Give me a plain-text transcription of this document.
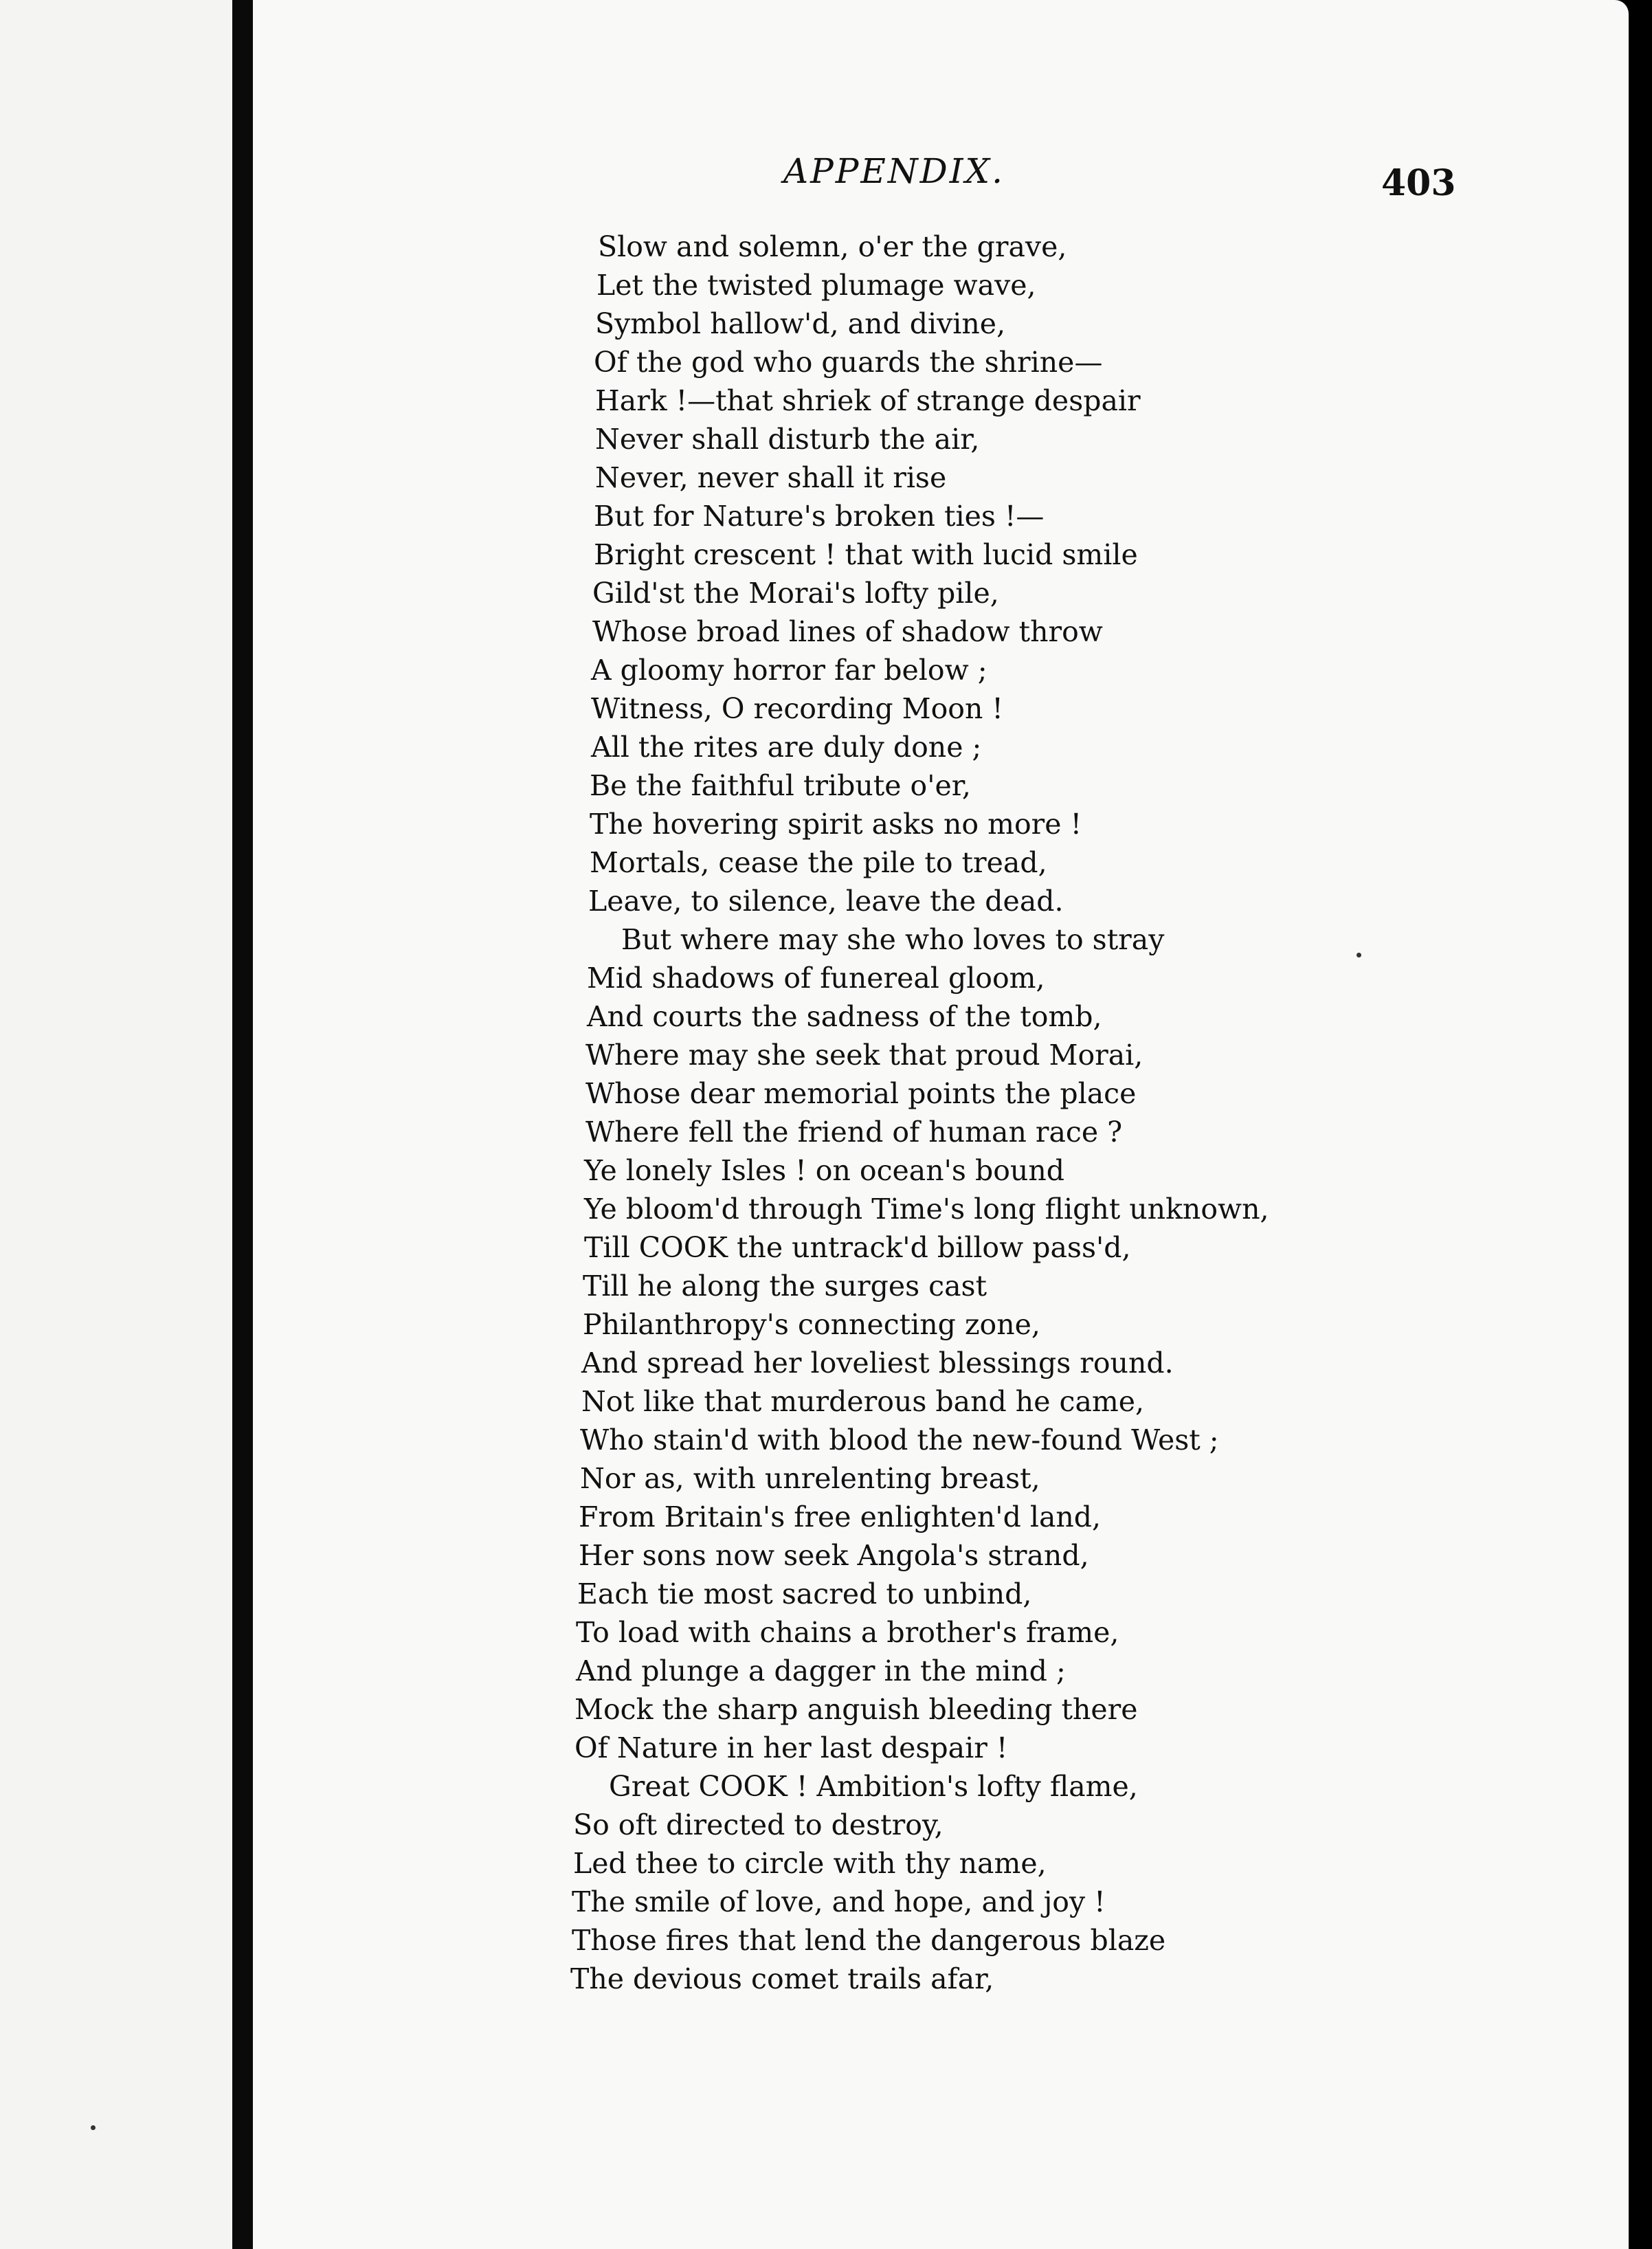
APPENDIX.	403
Slow and solemn, o'er the grave,
Let the twisted plumage wave,
Symbol hallow'd, and divine,
Of the god who guards the shrine—
Hark !—that shriek of strange despair
Never shall disturb the air,
Never, never shall it rise
But for Nature's broken ties !—
Bright crescent ! that with lucid smile
Gild'st the Morai's lofty pile,
Whose broad lines of shadow throw
A gloomy horror far below ;
Witness, O recording Moon !
All the rites are duly done ;
Be the faithful tribute o'er,
The hovering spirit asks no more !
Mortals, cease the pile to tread,
Leave, to silence, leave the dead.
But where may she who loves to stray
Mid shadows of funereal gloom,
And courts the sadness of the tomb,
Where may she seek that proud Morai,
Whose dear memorial points the place
Where fell the friend of human race ?
Ye lonely Isles ! on ocean's bound
Ye bloom'd through Time's long flight unknown,
Till COOK the untrack'd billow pass'd,
Till he along the surges cast
Philanthropy's connecting zone,
And spread her loveliest blessings round.
Not like that murderous band he came,
Who stain'd with blood the new-found West ;
Nor as, with unrelenting breast,
From Britain's free enlighten'd land,
Her sons now seek Angola's strand,
Each tie most sacred to unbind,
To load with chains a brother's frame,
And plunge a dagger in the mind ;
Mock the sharp anguish bleeding there
Of Nature in her last despair !
Great COOK ! Ambition's lofty flame,
So oft directed to destroy,
Led thee to circle with thy name,
The smile of love, and hope, and joy !
Those fires that lend the dangerous blaze
The devious comet trails afar,
